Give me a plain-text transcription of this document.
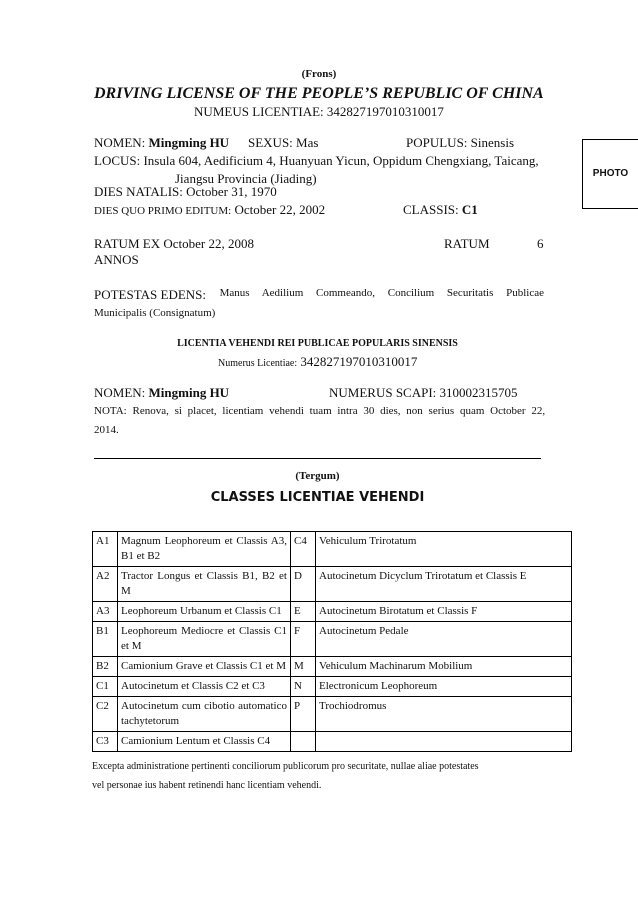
(Frons)
DRIVING LICENSE OF THE PEOPLE’S REPUBLIC OF CHINA
NUMEUS LICENTIAE: 342827197010310017
NOMEN: Mingming HU SEXUS: Mas	POPULUS: Sinensis
LOCUS: Insula 604, Aedificium 4, Huanyuan Yicun, Oppidum Chengxiang, Taicang,
Jiangsu Provincia (Jiading)
DIES NATALIS: October 31, 1970
DIES QUO PRIMO EDITUM: October 22, 2002	CLASSIS: C1
PHOTO
RATUM EX October 22, 2008	RATUM	6
ANNOS
POTESTAS EDENS: Manus Aedilium Commeando, Concilium Securitatis Publicae
Municipalis (Consignatum)
LICENTIA VEHENDI REI PUBLICAE POPULARIS SINENSIS
Numerus Licentiae: 342827197010310017
NOMEN: Mingming HU	NUMERUS SCAPI: 310002315705
NOTA: Renova, si placet, licentiam vehendi tuam intra 30 dies, non serius quam October 22,
2014.
(Tergum)
CLASSES LICENTIAE VEHENDI
A1	Magnum Leophoreum et Classis A3, B1 et B2	C4	Vehiculum Trirotatum
A2	Tractor Longus et Classis B1, B2 et M	D	Autocinetum Dicyclum Trirotatum et Classis E
A3	Leophoreum Urbanum et Classis C1	E	Autocinetum Birotatum et Classis F
B1	Leophoreum Mediocre et Classis C1 et M	F	Autocinetum Pedale
B2	Camionium Grave et Classis C1 et M	M	Vehiculum Machinarum Mobilium
C1	Autocinetum et Classis C2 et C3	N	Electronicum Leophoreum
C2	Autocinetum cum cibotio automatico tachytetorum	P	Trochiodromus
C3	Camionium Lentum et Classis C4		
Excepta administratione pertinenti conciliorum publicorum pro securitate, nullae aliae potestates
vel personae ius habent retinendi hanc licentiam vehendi.
